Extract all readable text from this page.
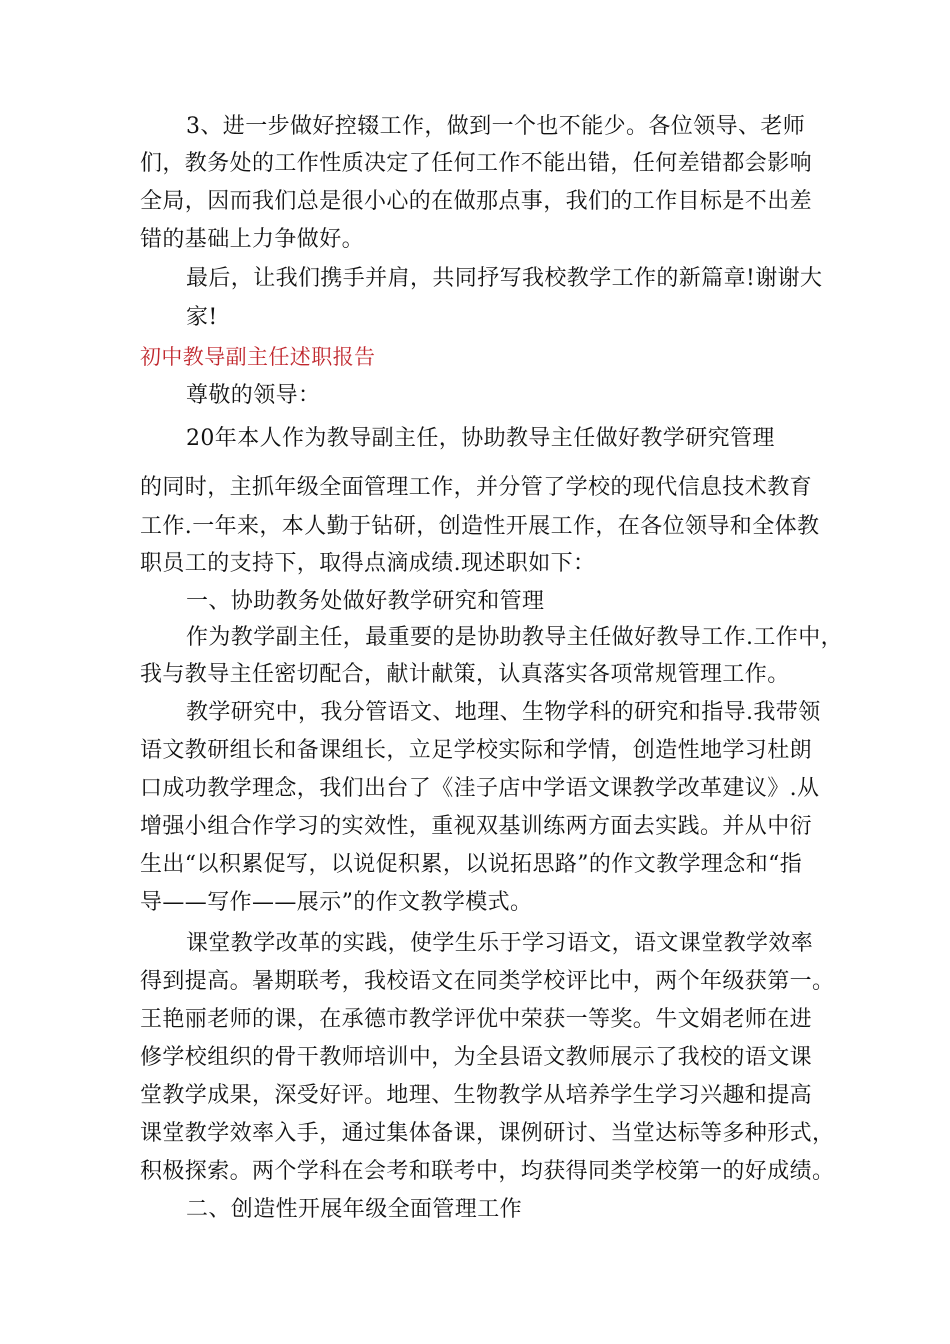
3、进一步做好控辍工作，做到一个也不能少。各位领导、老师
们，教务处的工作性质决定了任何工作不能出错，任何差错都会影响
全局，因而我们总是很小心的在做那点事，我们的工作目标是不出差
错的基础上力争做好。
最后，让我们携手并肩，共同抒写我校教学工作的新篇章!谢谢大
家!
初中教导副主任述职报告
尊敬的领导：
20年本人作为教导副主任，协助教导主任做好教学研究管理
的同时，主抓年级全面管理工作，并分管了学校的现代信息技术教育
工作.一年来，本人勤于钻研，创造性开展工作，在各位领导和全体教
职员工的支持下，取得点滴成绩.现述职如下：
一、协助教务处做好教学研究和管理
作为教学副主任，最重要的是协助教导主任做好教导工作.工作中，
我与教导主任密切配合，献计献策，认真落实各项常规管理工作。
教学研究中，我分管语文、地理、生物学科的研究和指导.我带领
语文教研组长和备课组长，立足学校实际和学情，创造性地学习杜朗
口成功教学理念，我们出台了《洼子店中学语文课教学改革建议》.从
增强小组合作学习的实效性，重视双基训练两方面去实践。并从中衍
生出“以积累促写，以说促积累，以说拓思路”的作文教学理念和“指
导——写作——展示”的作文教学模式。
课堂教学改革的实践，使学生乐于学习语文，语文课堂教学效率
得到提高。暑期联考，我校语文在同类学校评比中，两个年级获第一。
王艳丽老师的课，在承德市教学评优中荣获一等奖。牛文娟老师在进
修学校组织的骨干教师培训中，为全县语文教师展示了我校的语文课
堂教学成果，深受好评。地理、生物教学从培养学生学习兴趣和提高
课堂教学效率入手，通过集体备课，课例研讨、当堂达标等多种形式，
积极探索。两个学科在会考和联考中，均获得同类学校第一的好成绩。
二、创造性开展年级全面管理工作
